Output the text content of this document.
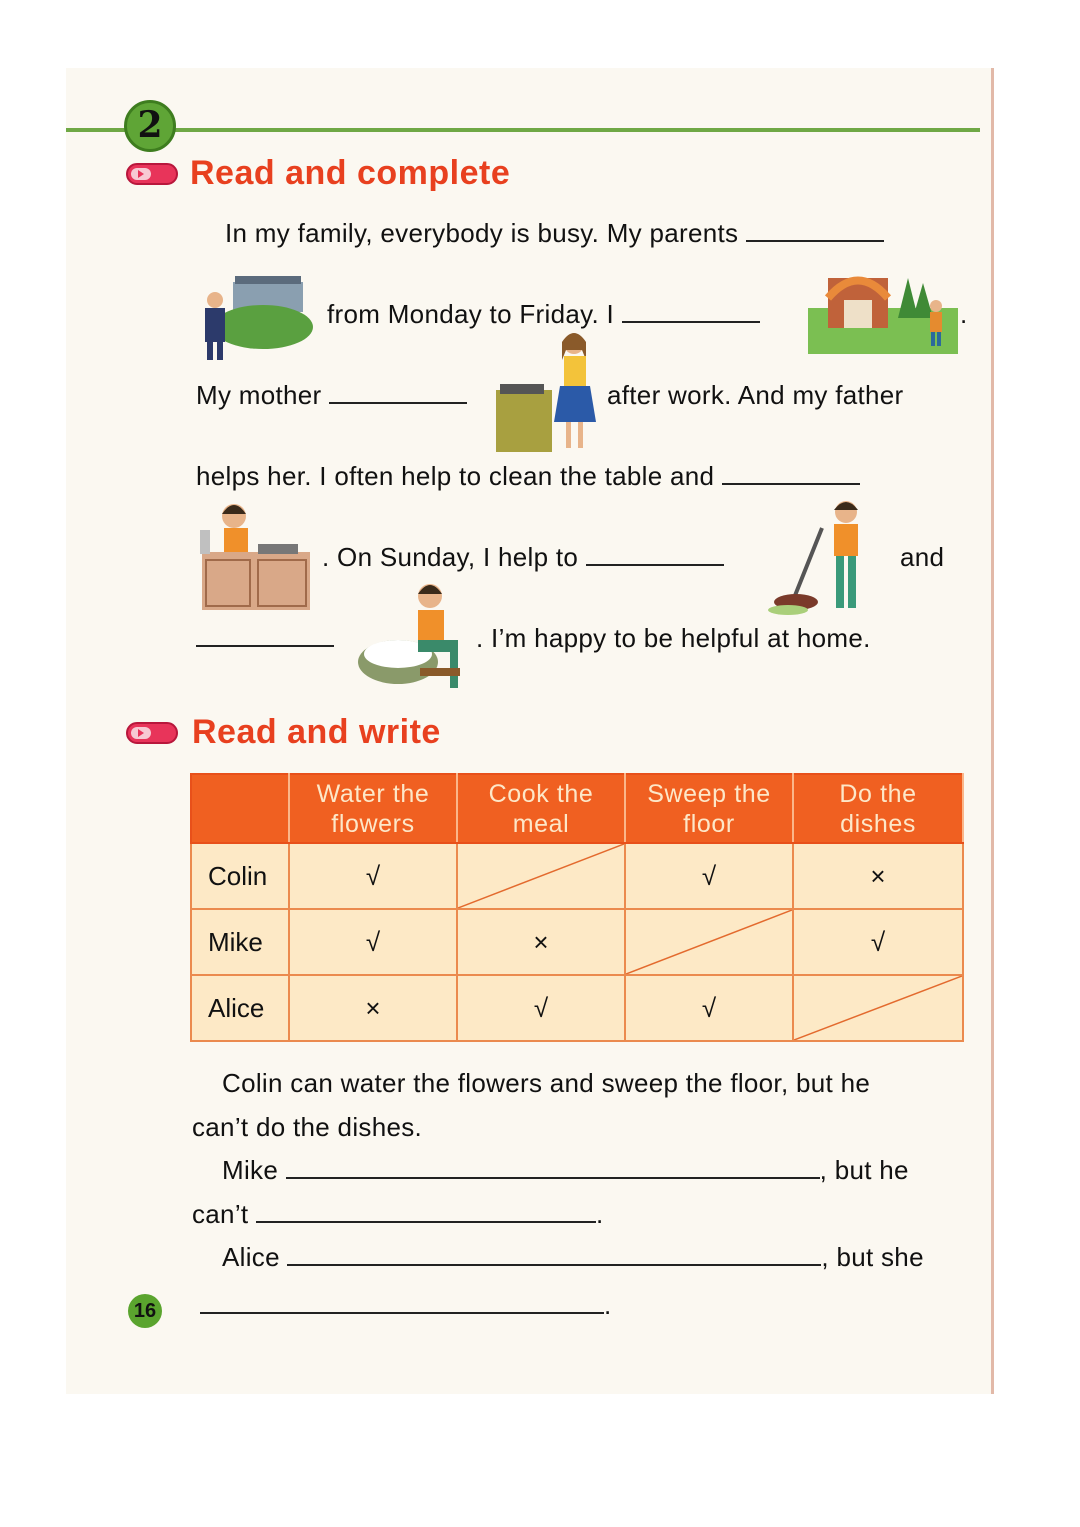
2
Read and complete
In my family, everybody is busy. My parents
from Monday to Friday. I	.
My mother	after work. And my father
helps her. I often help to clean the table and
. On Sunday, I help to	and
. I’m happy to be helpful at home.
Read and write
	Water the flowers	Cook the meal	Sweep the floor	Do the dishes
Colin	√		√	×
Mike	√	×		√
Alice	×	√	√	
Colin can water the flowers and sweep the floor, but he
can’t do the dishes.
Mike	, but he
can’t	.
Alice	, but she
.
16
